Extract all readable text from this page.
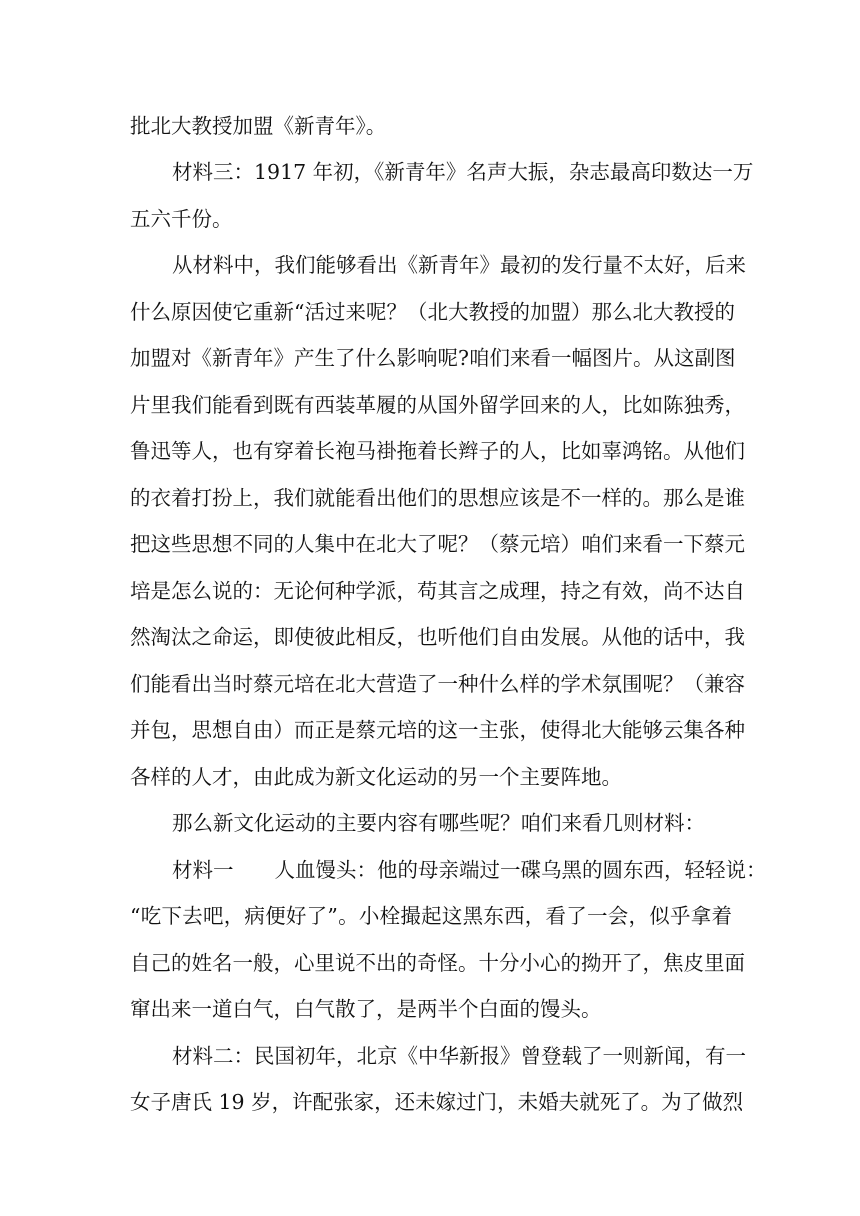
批北大教授加盟《新青年》。
材料三：1917 年初，《新青年》名声大振，杂志最高印数达一万
五六千份。
从材料中，我们能够看出《新青年》最初的发行量不太好，后来
什么原因使它重新“活过来呢？（北大教授的加盟）那么北大教授的
加盟对《新青年》产生了什么影响呢?咱们来看一幅图片。从这副图
片里我们能看到既有西装革履的从国外留学回来的人，比如陈独秀，
鲁迅等人，也有穿着长袍马褂拖着长辫子的人，比如辜鸿铭。从他们
的衣着打扮上，我们就能看出他们的思想应该是不一样的。那么是谁
把这些思想不同的人集中在北大了呢？（蔡元培）咱们来看一下蔡元
培是怎么说的：无论何种学派，苟其言之成理，持之有效，尚不达自
然淘汰之命运，即使彼此相反，也听他们自由发展。从他的话中，我
们能看出当时蔡元培在北大营造了一种什么样的学术氛围呢？（兼容
并包，思想自由）而正是蔡元培的这一主张，使得北大能够云集各种
各样的人才，由此成为新文化运动的另一个主要阵地。
那么新文化运动的主要内容有哪些呢？咱们来看几则材料：
材料一　　人血馒头：他的母亲端过一碟乌黑的圆东西，轻轻说：
“吃下去吧，病便好了”。小栓撮起这黑东西，看了一会，似乎拿着
自己的姓名一般，心里说不出的奇怪。十分小心的拗开了，焦皮里面
窜出来一道白气，白气散了，是两半个白面的馒头。
材料二：民国初年，北京《中华新报》曾登载了一则新闻，有一
女子唐氏 19 岁，许配张家，还未嫁过门，未婚夫就死了。为了做烈
